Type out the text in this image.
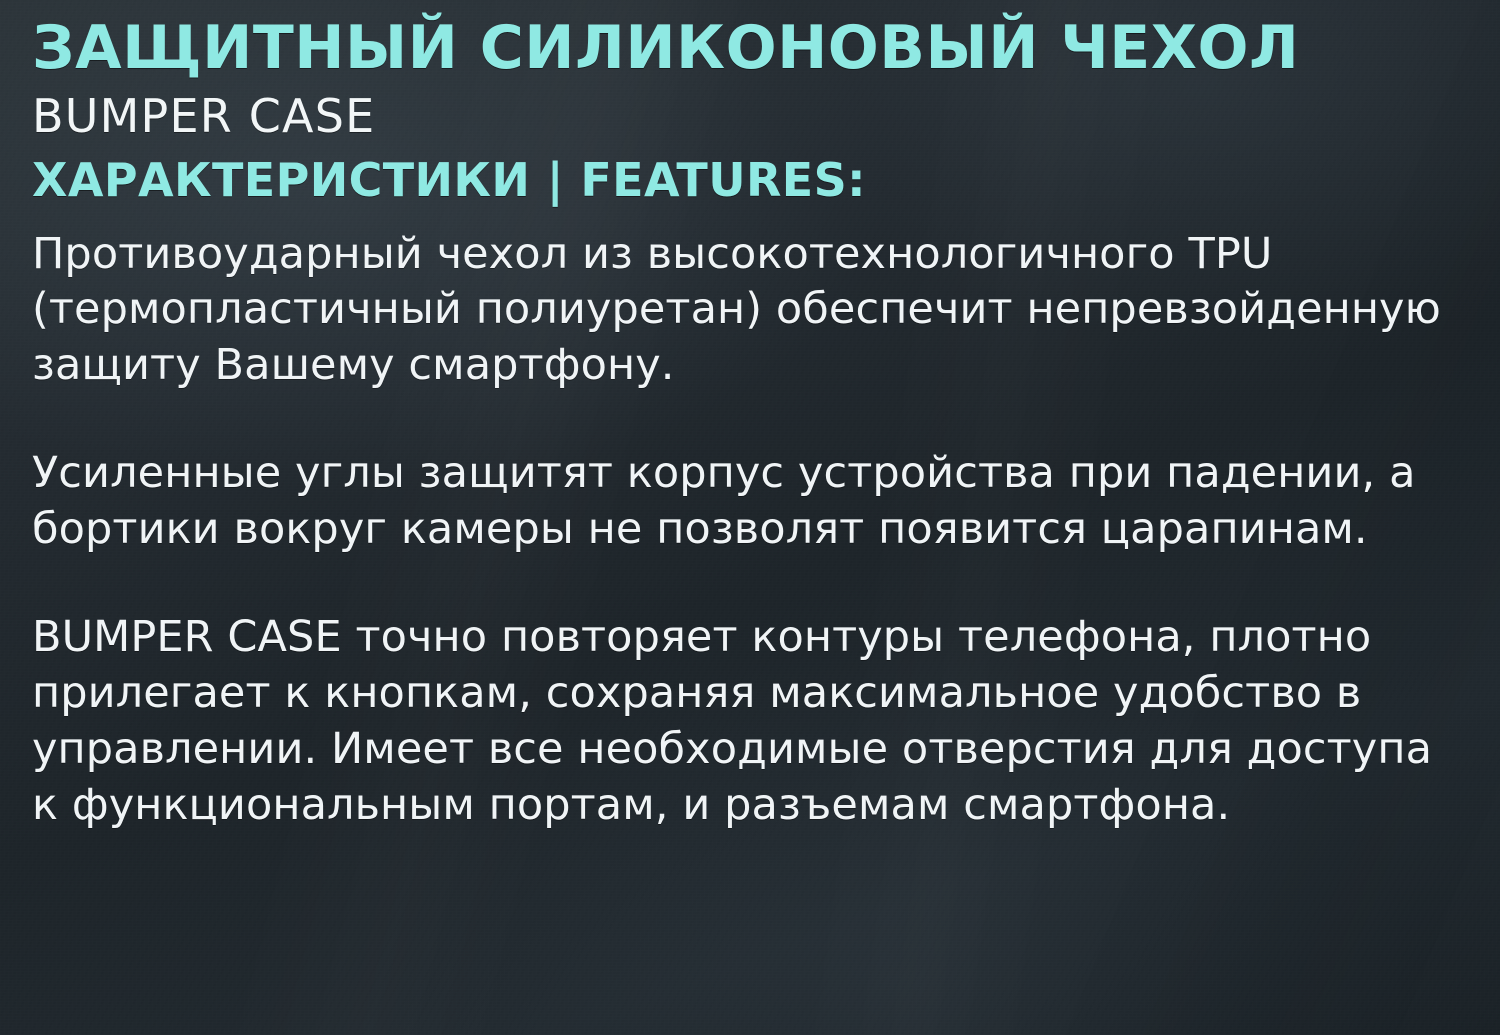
ЗАЩИТНЫЙ СИЛИКОНОВЫЙ ЧЕХОЛ
BUMPER CASE
ХАРАКТЕРИСТИКИ | FEATURES:

Противоударный чехол из высокотехнологичного TPU (термопластичный полиуретан) обеспечит непревзойденную защиту Вашему смартфону.

Усиленные углы защитят корпус устройства при падении, а бортики вокруг камеры не позволят появится царапинам.

BUMPER CASE точно повторяет контуры телефона, плотно прилегает к кнопкам, сохраняя максимальное удобство в управлении. Имеет все необходимые отверстия для доступа к функциональным портам, и разъемам смартфона.
